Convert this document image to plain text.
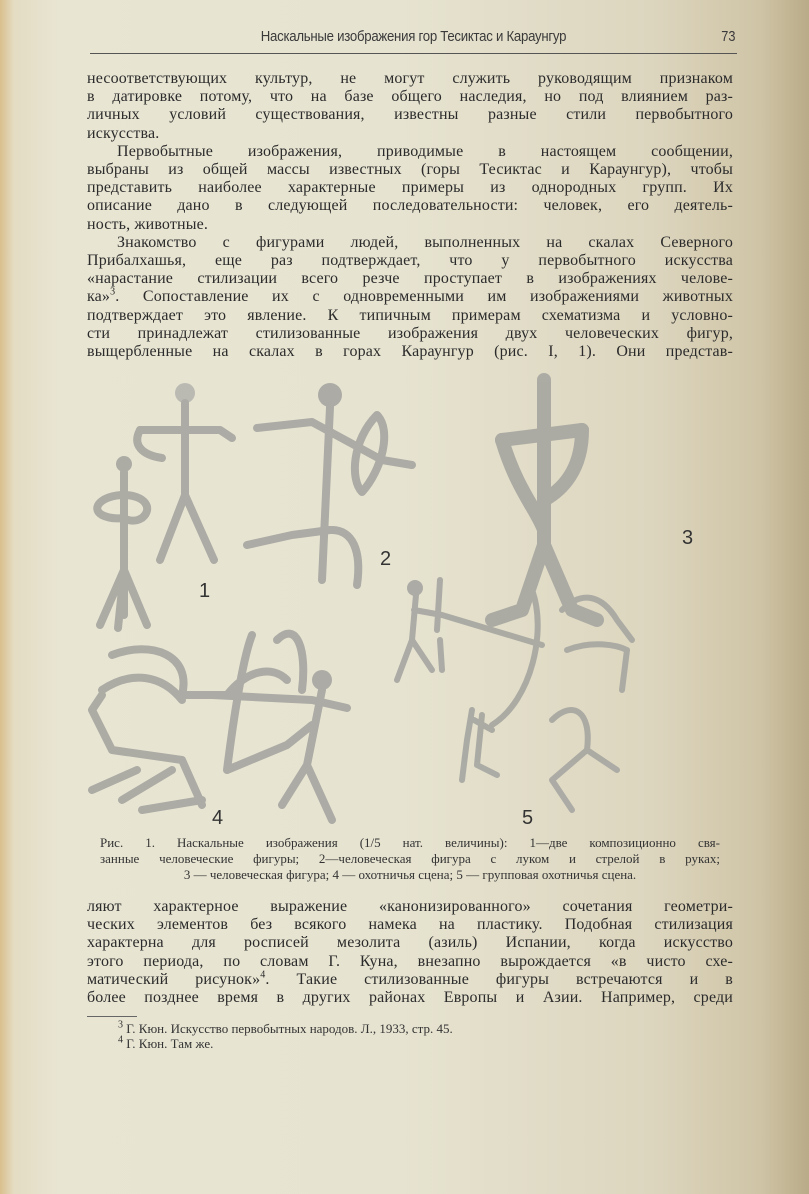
Наскальные изображения гор Тесиктас и Караунгур	73
несоответствующих культур, не могут служить руководящим признаком
в датировке потому, что на базе общего наследия, но под влиянием раз-
личных условий существования, известны разные стили первобытного
искусства.
Первобытные изображения, приводимые в настоящем сообщении,
выбраны из общей массы известных (горы Тесиктас и Караунгур), чтобы
представить наиболее характерные примеры из однородных групп. Их
описание дано в следующей последовательности: человек, его деятель-
ность, животные.
Знакомство с фигурами людей, выполненных на скалах Северного
Прибалхашья, еще раз подтверждает, что у первобытного искусства
«нарастание стилизации всего резче проступает в изображениях челове-
ка»$^3$. Сопоставление их с одновременными им изображениями животных
подтверждает это явление. К типичным примерам схематизма и условно-
сти принадлежат стилизованные изображения двух человеческих фигур,
выщербленные на скалах в горах Караунгур (рис. I, 1). Они представ-
1
2
3
4	5
Рис. 1. Наскальные изображения (1/5 нат. величины): 1—две композиционно свя-
занные человеческие фигуры; 2—человеческая фигура с луком и стрелой в руках;
3 — человеческая фигура; 4 — охотничья сцена; 5 — групповая охотничья сцена.
ляют характерное выражение «канонизированного» сочетания геометри-
ческих элементов без всякого намека на пластику. Подобная стилизация
характерна для росписей мезолита (азиль) Испании, когда искусство
этого периода, по словам Г. Куна, внезапно вырождается «в чисто схе-
матический рисунок»$^4$. Такие стилизованные фигуры встречаются и в
более позднее время в других районах Европы и Азии. Например, среди
$^3$ Г. Кюн. Искусство первобытных народов. Л., 1933, стр. 45.
$^4$ Г. Кюн. Там же.
